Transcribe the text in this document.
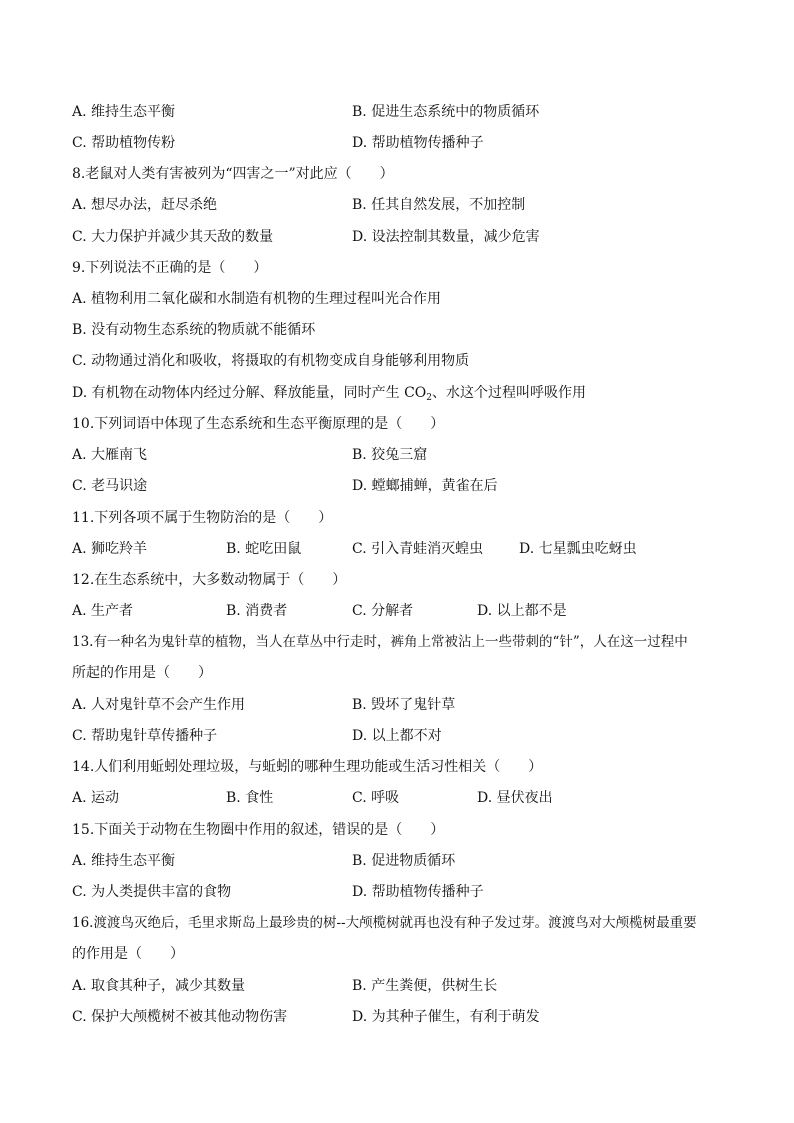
A. 维持生态平衡	B. 促进生态系统中的物质循环
C. 帮助植物传粉	D. 帮助植物传播种子
8.老鼠对人类有害被列为“四害之一”对此应（　　）
A. 想尽办法，赶尽杀绝	B. 任其自然发展，不加控制
C. 大力保护并减少其天敌的数量	D. 设法控制其数量，减少危害
9.下列说法不正确的是（　　）
A. 植物利用二氧化碳和水制造有机物的生理过程叫光合作用
B. 没有动物生态系统的物质就不能循环
C. 动物通过消化和吸收，将摄取的有机物变成自身能够利用物质
D. 有机物在动物体内经过分解、释放能量，同时产生 $CO_2$、水这个过程叫呼吸作用
10.下列词语中体现了生态系统和生态平衡原理的是（　　）
A. 大雁南飞	B. 狡兔三窟
C. 老马识途	D. 螳螂捕蝉，黄雀在后
11.下列各项不属于生物防治的是（　　）
A. 狮吃羚羊	B. 蛇吃田鼠	C. 引入青蛙消灭蝗虫	D. 七星瓢虫吃蚜虫
12.在生态系统中，大多数动物属于（　　）
A. 生产者	B. 消费者	C. 分解者	D. 以上都不是
13.有一种名为鬼针草的植物，当人在草丛中行走时，裤角上常被沾上一些带刺的“针”，人在这一过程中
所起的作用是（　　）
A. 人对鬼针草不会产生作用	B. 毁坏了鬼针草
C. 帮助鬼针草传播种子	D. 以上都不对
14.人们利用蚯蚓处理垃圾，与蚯蚓的哪种生理功能或生活习性相关（　　）
A. 运动	B. 食性	C. 呼吸	D. 昼伏夜出
15.下面关于动物在生物圈中作用的叙述，错误的是（　　）
A. 维持生态平衡	B. 促进物质循环
C. 为人类提供丰富的食物	D. 帮助植物传播种子
16.渡渡鸟灭绝后，毛里求斯岛上最珍贵的树--大颅榄树就再也没有种子发过芽。渡渡鸟对大颅榄树最重要
的作用是（　　）
A. 取食其种子，减少其数量	B. 产生粪便，供树生长
C. 保护大颅榄树不被其他动物伤害	D. 为其种子催生，有利于萌发
